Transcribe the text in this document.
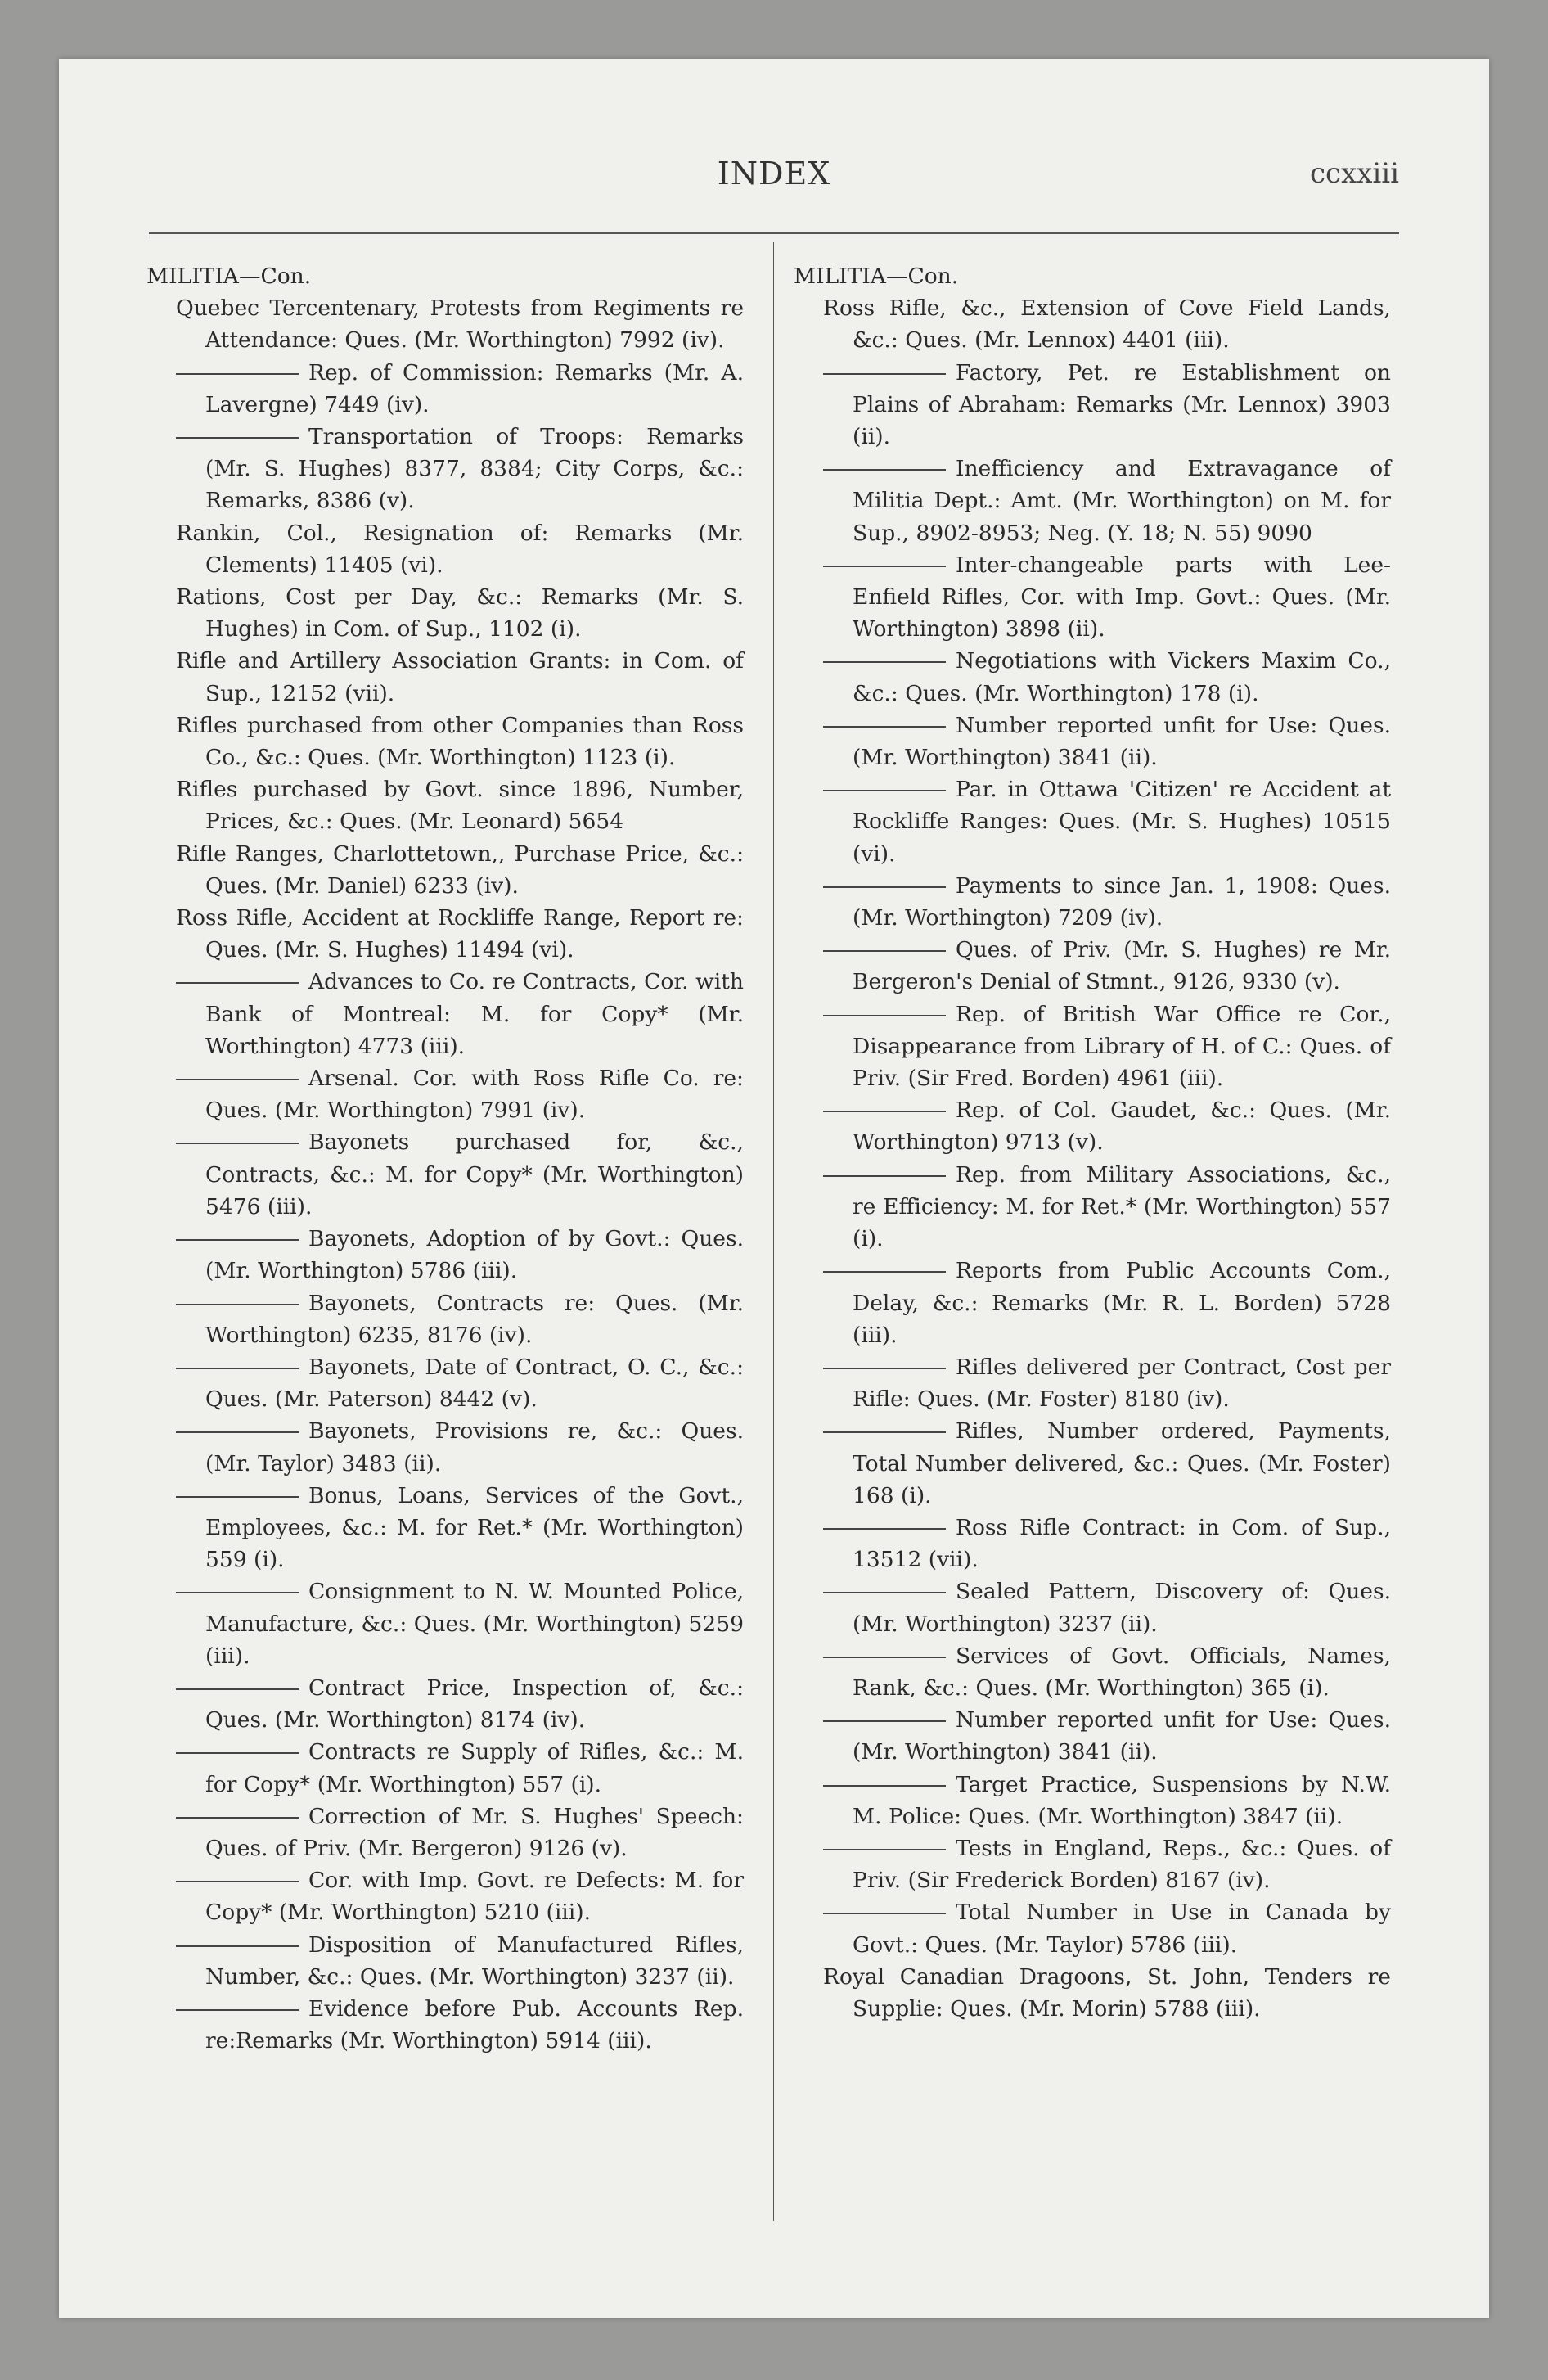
INDEX	ccxxiii
MILITIA—Con.

Quebec Tercentenary, Protests from Regiments re Attendance: Ques. (Mr. Worthington) 7992 (iv).

Rep. of Commission: Remarks (Mr. A. Lavergne) 7449 (iv).

Transportation of Troops: Remarks (Mr. S. Hughes) 8377, 8384; City Corps, &c.: Remarks, 8386 (v).

Rankin, Col., Resignation of: Remarks (Mr. Clements) 11405 (vi).

Rations, Cost per Day, &c.: Remarks (Mr. S. Hughes) in Com. of Sup., 1102 (i).

Rifle and Artillery Association Grants: in Com. of Sup., 12152 (vii).

Rifles purchased from other Companies than Ross Co., &c.: Ques. (Mr. Worthington) 1123 (i).

Rifles purchased by Govt. since 1896, Number, Prices, &c.: Ques. (Mr. Leonard) 5654

Rifle Ranges, Charlottetown,, Purchase Price, &c.: Ques. (Mr. Daniel) 6233 (iv).

Ross Rifle, Accident at Rockliffe Range, Report re: Ques. (Mr. S. Hughes) 11494 (vi).

Advances to Co. re Contracts, Cor. with Bank of Montreal: M. for Copy* (Mr. Worthington) 4773 (iii).

Arsenal. Cor. with Ross Rifle Co. re: Ques. (Mr. Worthington) 7991 (iv).

Bayonets purchased for, &c., Contracts, &c.: M. for Copy* (Mr. Worthington) 5476 (iii).

Bayonets, Adoption of by Govt.: Ques. (Mr. Worthington) 5786 (iii).

Bayonets, Contracts re: Ques. (Mr. Worthington) 6235, 8176 (iv).

Bayonets, Date of Contract, O. C., &c.: Ques. (Mr. Paterson) 8442 (v).

Bayonets, Provisions re, &c.: Ques. (Mr. Taylor) 3483 (ii).

Bonus, Loans, Services of the Govt., Employees, &c.: M. for Ret.* (Mr. Worthington) 559 (i).

Consignment to N. W. Mounted Police, Manufacture, &c.: Ques. (Mr. Worthington) 5259 (iii).

Contract Price, Inspection of, &c.: Ques. (Mr. Worthington) 8174 (iv).

Contracts re Supply of Rifles, &c.: M. for Copy* (Mr. Worthington) 557 (i).

Correction of Mr. S. Hughes' Speech: Ques. of Priv. (Mr. Bergeron) 9126 (v).

Cor. with Imp. Govt. re Defects: M. for Copy* (Mr. Worthington) 5210 (iii).

Disposition of Manufactured Rifles, Number, &c.: Ques. (Mr. Worthington) 3237 (ii).

Evidence before Pub. Accounts Rep. re:Remarks (Mr. Worthington) 5914 (iii).

MILITIA—Con.

Ross Rifle, &c., Extension of Cove Field Lands, &c.: Ques. (Mr. Lennox) 4401 (iii).

Factory, Pet. re Establishment on Plains of Abraham: Remarks (Mr. Lennox) 3903 (ii).

Inefficiency and Extravagance of Militia Dept.: Amt. (Mr. Worthington) on M. for Sup., 8902-8953; Neg. (Y. 18; N. 55) 9090

Inter-changeable parts with Lee-Enfield Rifles, Cor. with Imp. Govt.: Ques. (Mr. Worthington) 3898 (ii).

Negotiations with Vickers Maxim Co., &c.: Ques. (Mr. Worthington) 178 (i).

Number reported unfit for Use: Ques. (Mr. Worthington) 3841 (ii).

Par. in Ottawa 'Citizen' re Accident at Rockliffe Ranges: Ques. (Mr. S. Hughes) 10515 (vi).

Payments to since Jan. 1, 1908: Ques. (Mr. Worthington) 7209 (iv).

Ques. of Priv. (Mr. S. Hughes) re Mr. Bergeron's Denial of Stmnt., 9126, 9330 (v).

Rep. of British War Office re Cor., Disappearance from Library of H. of C.: Ques. of Priv. (Sir Fred. Borden) 4961 (iii).

Rep. of Col. Gaudet, &c.: Ques. (Mr. Worthington) 9713 (v).

Rep. from Military Associations, &c., re Efficiency: M. for Ret.* (Mr. Worthington) 557 (i).

Reports from Public Accounts Com., Delay, &c.: Remarks (Mr. R. L. Borden) 5728 (iii).

Rifles delivered per Contract, Cost per Rifle: Ques. (Mr. Foster) 8180 (iv).

Rifles, Number ordered, Payments, Total Number delivered, &c.: Ques. (Mr. Foster) 168 (i).

Ross Rifle Contract: in Com. of Sup., 13512 (vii).

Sealed Pattern, Discovery of: Ques. (Mr. Worthington) 3237 (ii).

Services of Govt. Officials, Names, Rank, &c.: Ques. (Mr. Worthington) 365 (i).

Number reported unfit for Use: Ques. (Mr. Worthington) 3841 (ii).

Target Practice, Suspensions by N.W. M. Police: Ques. (Mr. Worthington) 3847 (ii).

Tests in England, Reps., &c.: Ques. of Priv. (Sir Frederick Borden) 8167 (iv).

Total Number in Use in Canada by Govt.: Ques. (Mr. Taylor) 5786 (iii).

Royal Canadian Dragoons, St. John, Tenders re Supplie: Ques. (Mr. Morin) 5788 (iii).
